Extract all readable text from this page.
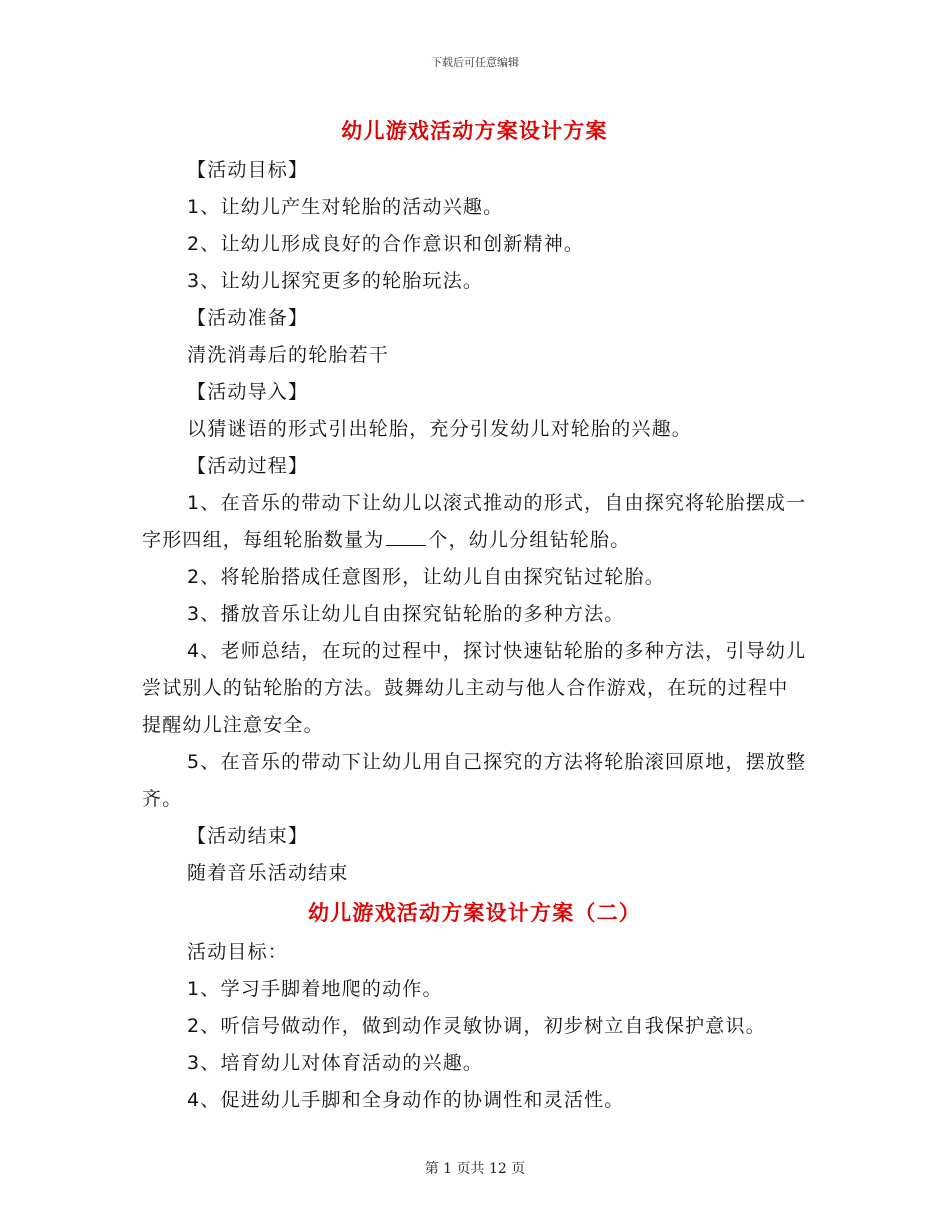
下载后可任意编辑

幼儿游戏活动方案设计方案

【活动目标】

1、让幼儿产生对轮胎的活动兴趣。

2、让幼儿形成良好的合作意识和创新精神。

3、让幼儿探究更多的轮胎玩法。

【活动准备】

清洗消毒后的轮胎若干

【活动导入】

以猜谜语的形式引出轮胎，充分引发幼儿对轮胎的兴趣。

【活动过程】

1、在音乐的带动下让幼儿以滚式推动的形式，自由探究将轮胎摆成一字形四组，每组轮胎数量为 个，幼儿分组钻轮胎。

2、将轮胎搭成任意图形，让幼儿自由探究钻过轮胎。

3、播放音乐让幼儿自由探究钻轮胎的多种方法。

4、老师总结，在玩的过程中，探讨快速钻轮胎的多种方法，引导幼儿尝试别人的钻轮胎的方法。鼓舞幼儿主动与他人合作游戏，在玩的过程中提醒幼儿注意安全。

5、在音乐的带动下让幼儿用自己探究的方法将轮胎滚回原地，摆放整齐。

【活动结束】

随着音乐活动结束

幼儿游戏活动方案设计方案（二）

活动目标：

1、学习手脚着地爬的动作。

2、听信号做动作，做到动作灵敏协调，初步树立自我保护意识。

3、培育幼儿对体育活动的兴趣。

4、促进幼儿手脚和全身动作的协调性和灵活性。

第 1 页共 12 页
